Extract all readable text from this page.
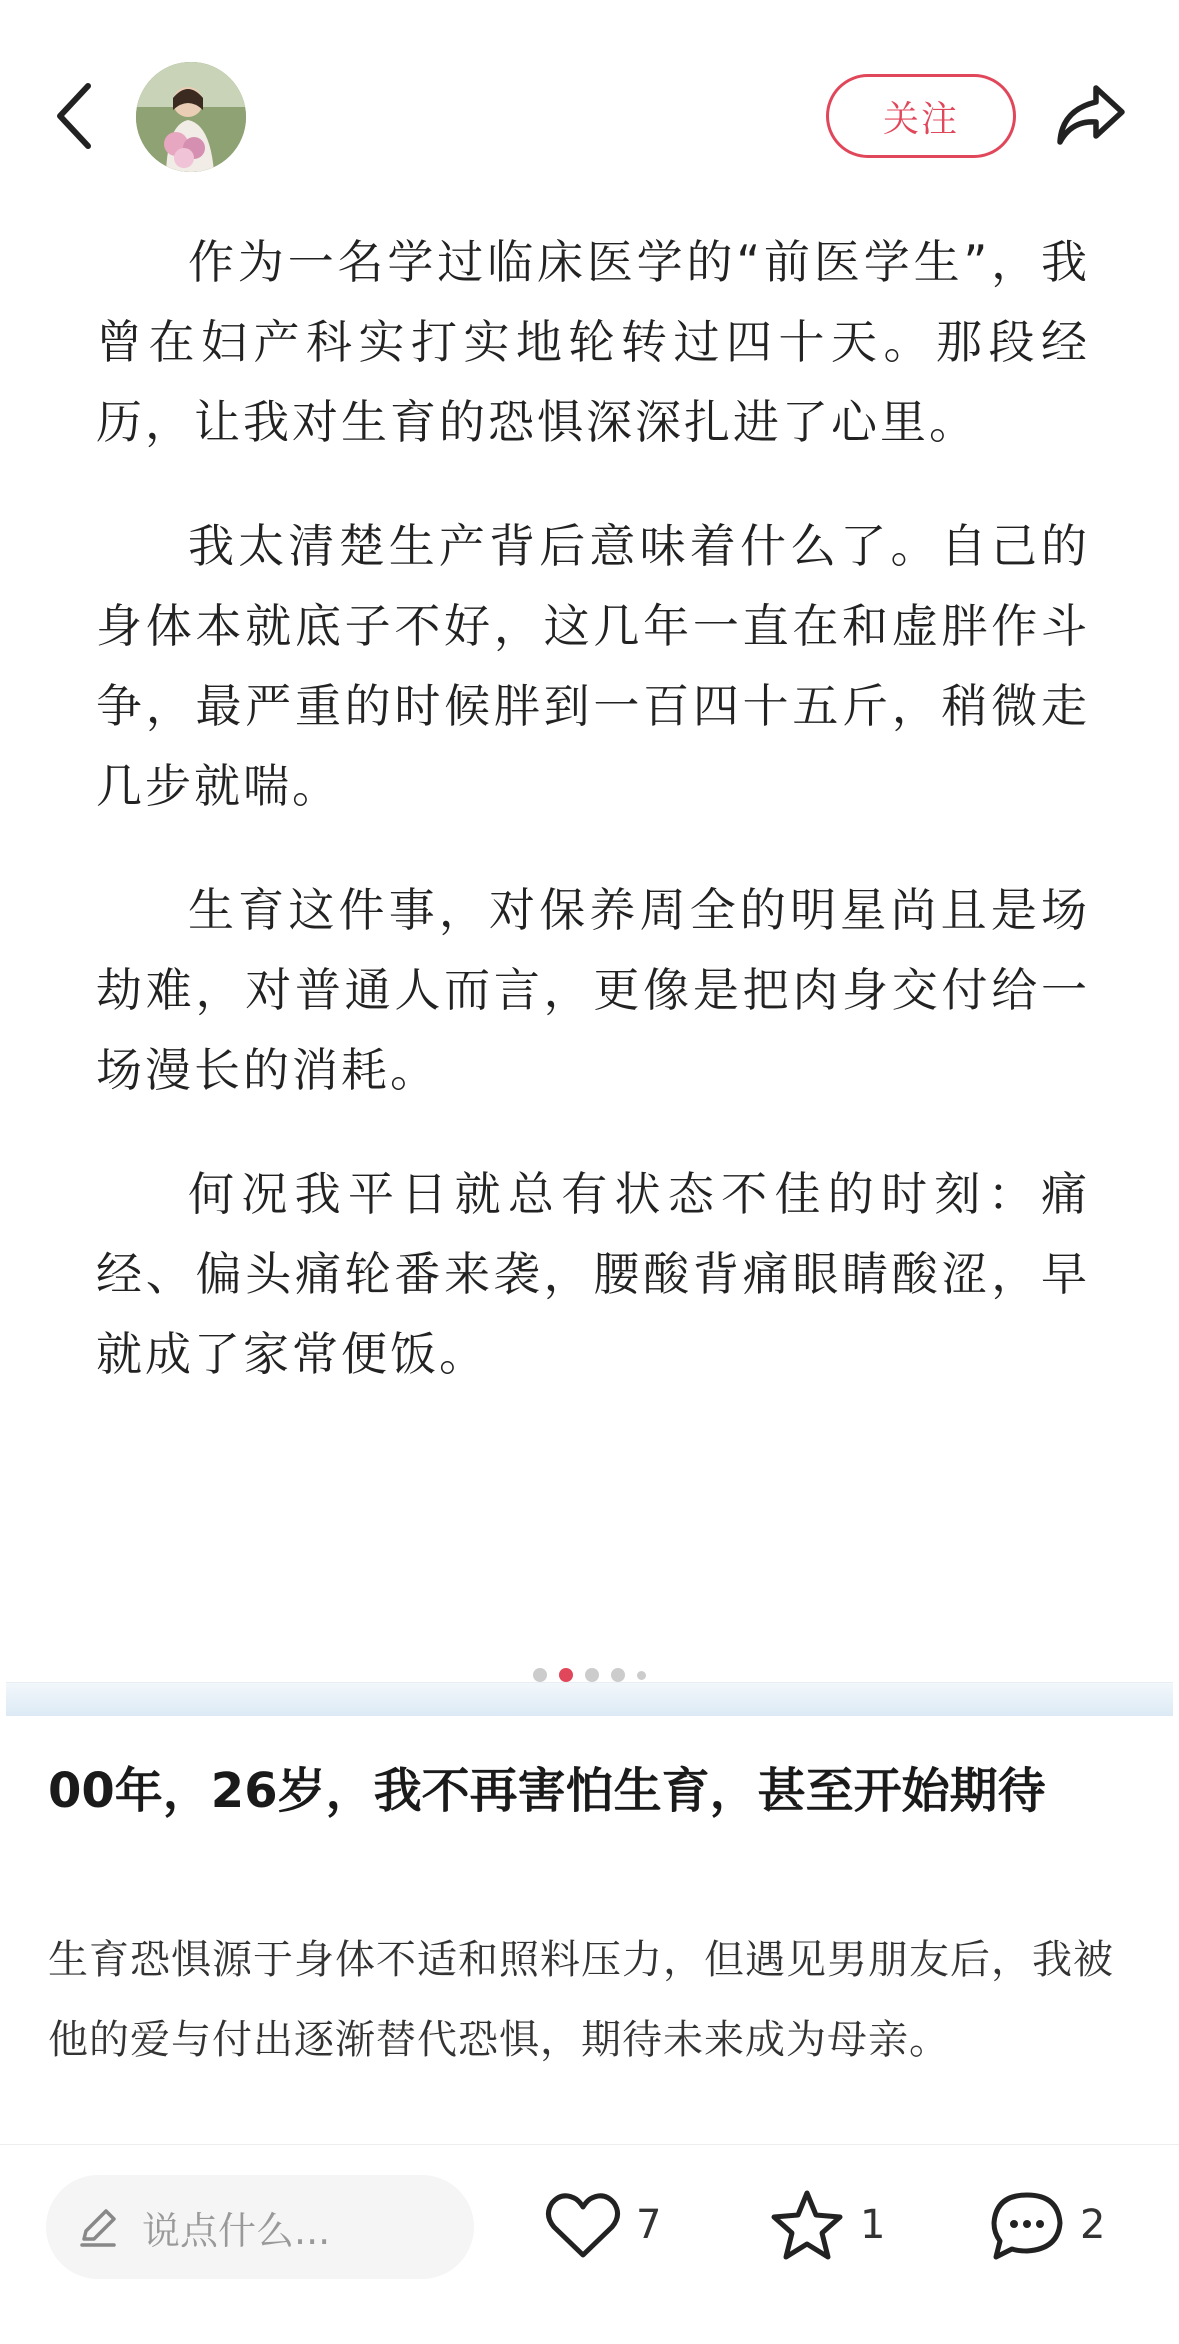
关注

作为一名学过临床医学的“前医学生”，我曾在妇产科实打实地轮转过四十天。那段经历，让我对生育的恐惧深深扎进了心里。

我太清楚生产背后意味着什么了。自己的身体本就底子不好，这几年一直在和虚胖作斗争，最严重的时候胖到一百四十五斤，稍微走几步就喘。

生育这件事，对保养周全的明星尚且是场劫难，对普通人而言，更像是把肉身交付给一场漫长的消耗。

何况我平日就总有状态不佳的时刻：痛经、偏头痛轮番来袭，腰酸背痛眼睛酸涩，早就成了家常便饭。

00年，26岁，我不再害怕生育，甚至开始期待
生育恐惧源于身体不适和照料压力，但遇见男朋友后，我被他的爱与付出逐渐替代恐惧，期待未来成为母亲。
说点什么...	7	1	2
